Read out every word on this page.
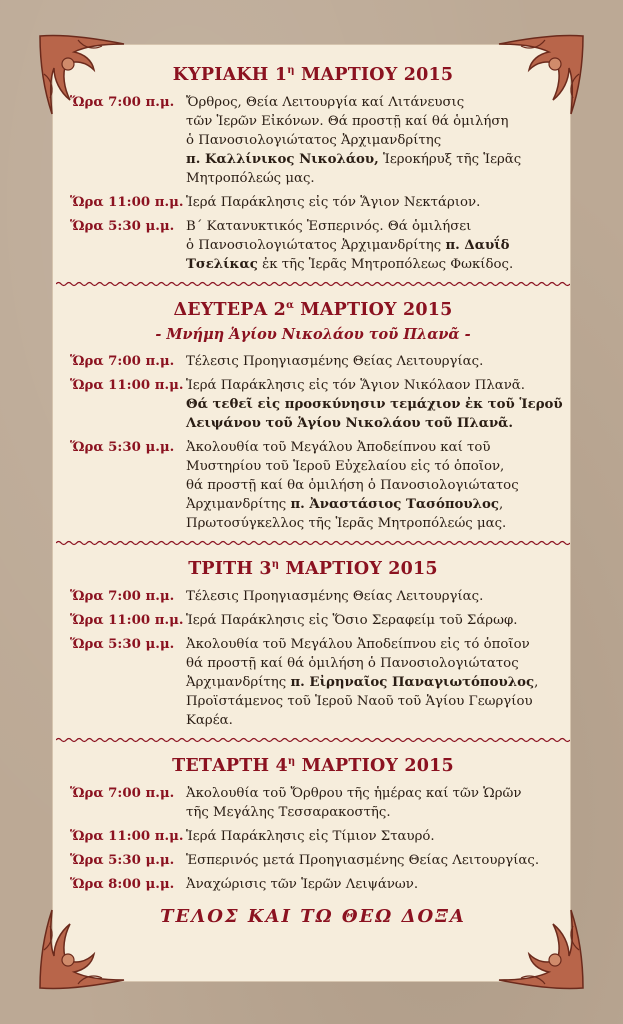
ΚΥΡΙΑΚΗ $1^\eta$ ΜΑΡΤΙΟΥ 2015
Ὥρα 7:00 π.μ. Ὄρθρος, Θεία Λειτουργία καί Λιτάνευσις
τῶν Ἱερῶν Εἰκόνων. Θά προστῇ καί θά ὁμιλήση
ὁ Πανοσιολογιώτατος Ἀρχιμανδρίτης
π. Καλλίνικος Νικολάου, Ἱεροκήρυξ τῆς Ἱερᾶς
Μητροπόλεώς μας.
Ὥρα 11:00 π.μ. Ἱερά Παράκλησις εἰς τόν Ἅγιον Νεκτάριον.
Ὥρα 5:30 μ.μ. Β΄ Κατανυκτικός Ἑσπερινός. Θά ὁμιλήσει
ὁ Πανοσιολογιώτατος Ἀρχιμανδρίτης π. Δαυΐδ
Τσελίκας ἐκ τῆς Ἱερᾶς Μητροπόλεως Φωκίδος.
ΔΕΥΤΕΡΑ $2^\alpha$ ΜΑΡΤΙΟΥ 2015
- Μνήμη Ἁγίου Νικολάου τοῦ Πλανᾶ -
Ὥρα 7:00 π.μ. Τέλεσις Προηγιασμένης Θείας Λειτουργίας.
Ὥρα 11:00 π.μ. Ἱερά Παράκλησις εἰς τόν Ἅγιον Νικόλαον Πλανᾶ.
Θά τεθεῖ εἰς προσκύνησιν τεμάχιον ἐκ τοῦ Ἱεροῦ
Λειψάνου τοῦ Ἁγίου Νικολάου τοῦ Πλανᾶ.
Ὥρα 5:30 μ.μ. Ἀκολουθία τοῦ Μεγάλου Ἀποδείπνου καί τοῦ
Μυστηρίου τοῦ Ἱεροῦ Εὐχελαίου εἰς τό ὁποῖον,
θά προστῇ καί θα ὁμιλήση ὁ Πανοσιολογιώτατος
Ἀρχιμανδρίτης π. Ἀναστάσιος Τασόπουλος,
Πρωτοσύγκελλος τῆς Ἱερᾶς Μητροπόλεώς μας.
ΤΡΙΤΗ $3^\eta$ ΜΑΡΤΙΟΥ 2015
Ὥρα 7:00 π.μ. Τέλεσις Προηγιασμένης Θείας Λειτουργίας.
Ὥρα 11:00 π.μ. Ἱερά Παράκλησις εἰς Ὅσιο Σεραφείμ τοῦ Σάρωφ.
Ὥρα 5:30 μ.μ. Ἀκολουθία τοῦ Μεγάλου Ἀποδείπνου εἰς τό ὁποῖον
θά προστῇ καί θά ὁμιλήση ὁ Πανοσιολογιώτατος
Ἀρχιμανδρίτης π. Εἰρηναῖος Παναγιωτόπουλος,
Προϊστάμενος τοῦ Ἱεροῦ Ναοῦ τοῦ Ἁγίου Γεωργίου
Καρέα.
ΤΕΤΑΡΤΗ $4^\eta$ ΜΑΡΤΙΟΥ 2015
Ὥρα 7:00 π.μ. Ἀκολουθία τοῦ Ὄρθρου τῆς ἡμέρας καί τῶν Ὡρῶν
τῆς Μεγάλης Τεσσαρακοστῆς.
Ὥρα 11:00 π.μ. Ἱερά Παράκλησις εἰς Τίμιον Σταυρό.
Ὥρα 5:30 μ.μ. Ἑσπερινός μετά Προηγιασμένης Θείας Λειτουργίας.
Ὥρα 8:00 μ.μ. Ἀναχώρισις τῶν Ἱερῶν Λειψάνων.
ΤΕΛΟΣ ΚΑΙ ΤΩ ΘΕΩ ΔΟΞΑ
